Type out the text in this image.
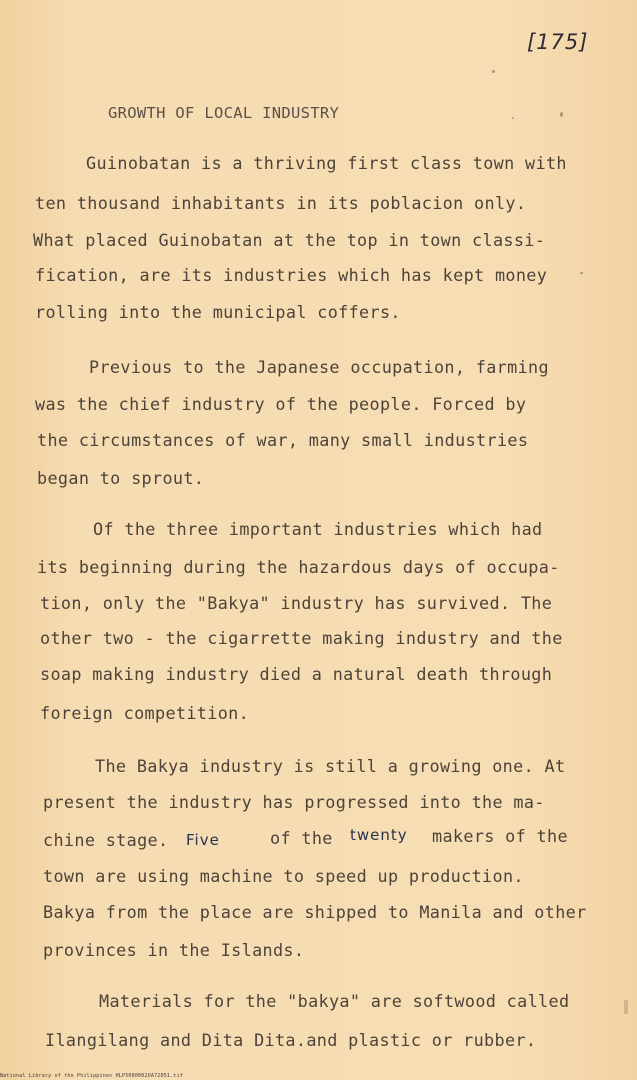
[175]
GROWTH OF LOCAL INDUSTRY
Guinobatan is a thriving first class town with
ten thousand inhabitants in its poblacion only.
What placed Guinobatan at the top in town classi-
fication, are its industries which has kept money
rolling into the municipal coffers.
Previous to the Japanese occupation, farming
was the chief industry of the people. Forced by
the circumstances of war, many small industries
began to sprout.
Of the three important industries which had
its beginning during the hazardous days of occupa-
tion, only the "Bakya" industry has survived. The
other two - the cigarrette making industry and the
soap making industry died a natural death through
foreign competition.
The Bakya industry is still a growing one. At
present the industry has progressed into the ma-
chine stage. Five	of the twenty makers of the
town are using machine to speed up production.
Bakya from the place are shipped to Manila and other
provinces in the Islands.
Materials for the "bakya" are softwood called
Ilangilang and Dita Dita.and plastic or rubber.
National Library of the Philippines HLP5000002UA72051.tif
